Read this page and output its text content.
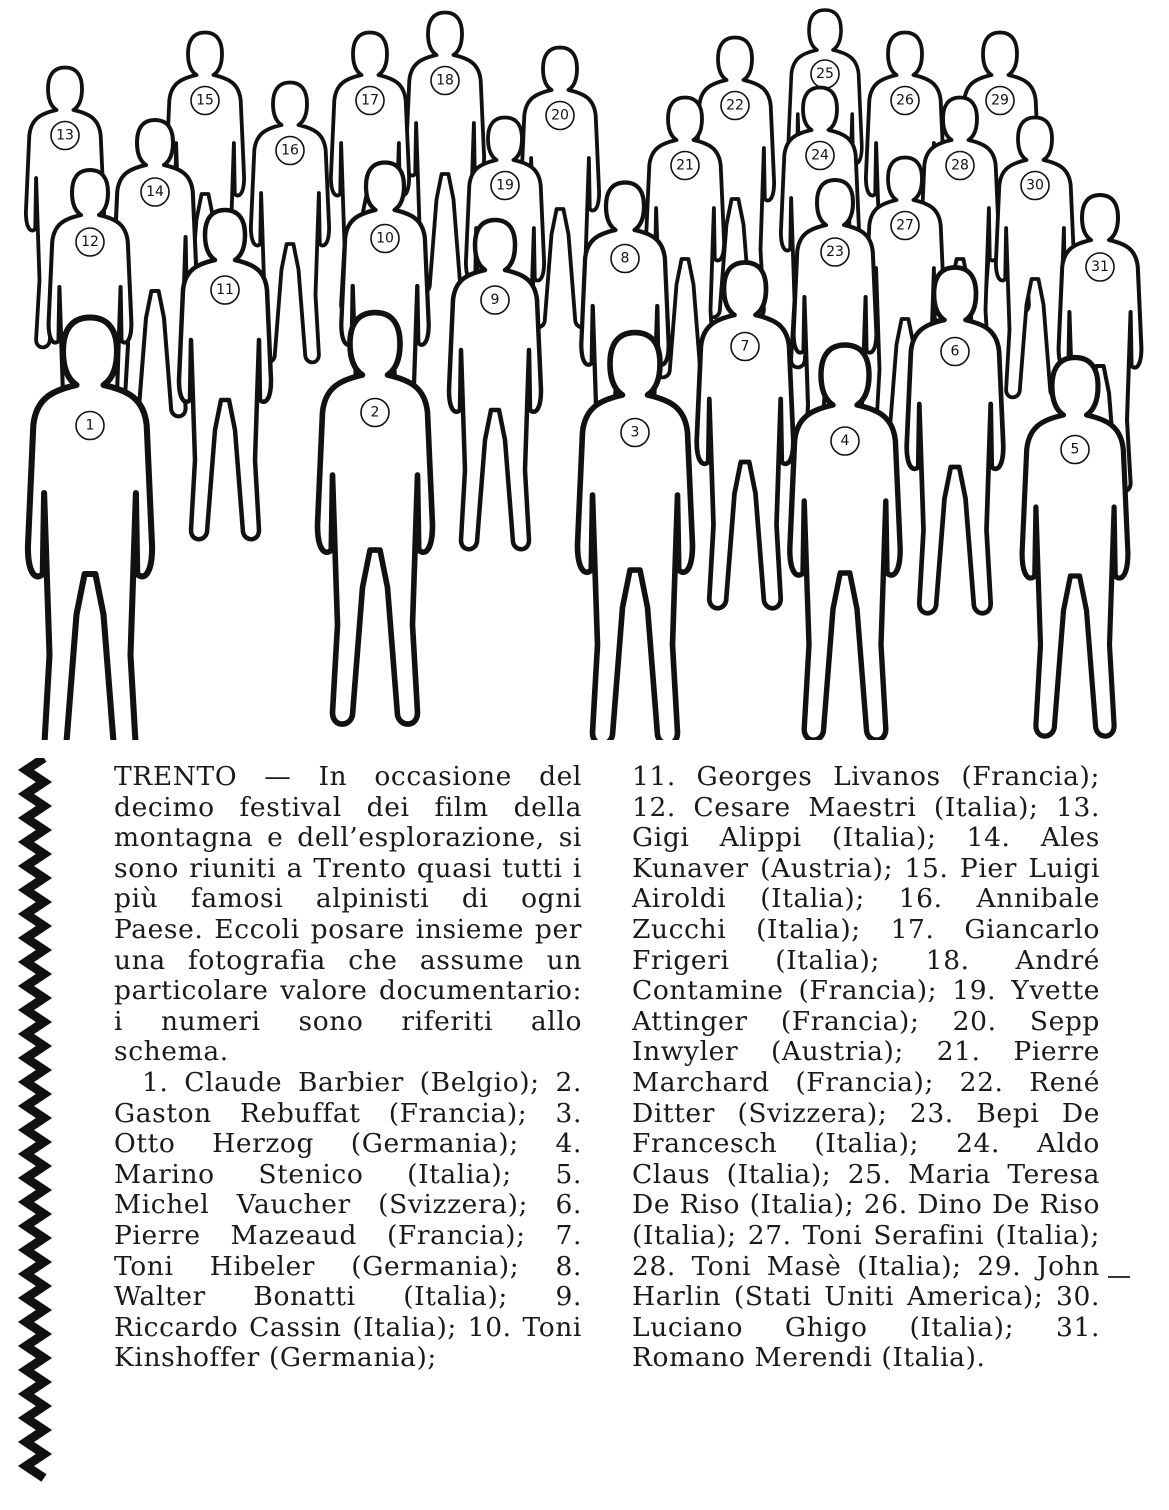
25
18
15	17	26	29
22
20
13
16	24
21	28
19	30
14
27
10
12
23
8
31
11
9
7	6
2
1	3
4
5

TRENTO — In occasione del decimo festival dei film della montagna e dell’esplorazione, si sono riuniti a Trento quasi tutti i più famosi alpinisti di ogni Paese. Eccoli posare insieme per una fotografia che assume un particolare valore documentario: i numeri sono riferiti allo schema.

1. Claude Barbier (Belgio); 2. Gaston Rebuffat (Francia); 3. Otto Herzog (Germania); 4. Marino Stenico (Italia); 5. Michel Vaucher (Svizzera); 6. Pierre Mazeaud (Francia); 7. Toni Hibeler (Germania); 8. Walter Bonatti (Italia); 9. Riccardo Cassin (Italia); 10. Toni Kinshoffer (Germania);

11. Georges Livanos (Francia); 12. Cesare Maestri (Italia); 13. Gigi Alippi (Italia); 14. Ales Kunaver (Austria); 15. Pier Luigi Airoldi (Italia); 16. Annibale Zucchi (Italia); 17. Giancarlo Frigeri (Italia); 18. André Contamine (Francia); 19. Yvette Attinger (Francia); 20. Sepp Inwyler (Austria); 21. Pierre Marchard (Francia); 22. René Ditter (Svizzera); 23. Bepi De Francesch (Italia); 24. Aldo Claus (Italia); 25. Maria Teresa De Riso (Italia); 26. Dino De Riso (Italia); 27. Toni Serafini (Italia); 28. Toni Masè (Italia); 29. John Harlin (Stati Uniti America); 30. Luciano Ghigo (Italia); 31. Romano Merendi (Italia).
